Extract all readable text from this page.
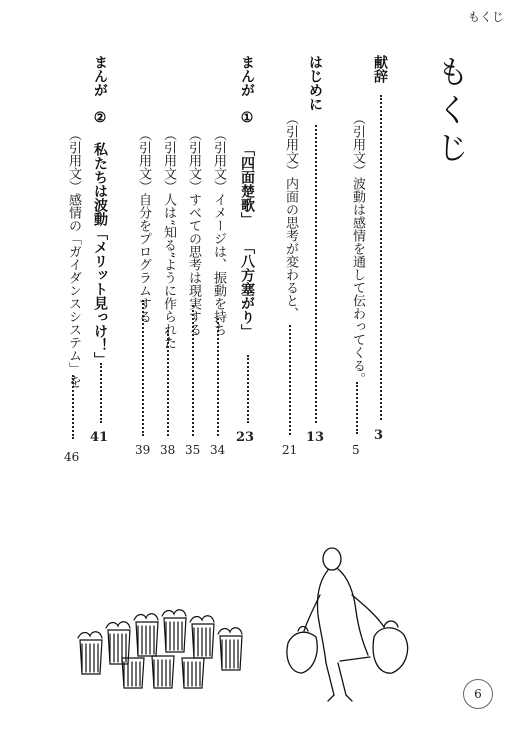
もくじ
もくじ
献辞
3
（引用文）波動は感情を通して伝わってくる。
5
はじめに
13
（引用文）内面の思考が変わると、
21
まんが
①
「四面楚歌」
「八方塞がり」
23
（引用文）イメージは、振動を持ち
34
（引用文）すべての思考は現実する
35
（引用文）人は“知る”ように作られた
38
（引用文）自分をプログラムする
39
まんが
②
私たちは波動「メリット見っけ！」
41
（引用文）感情の「ガイダンスシステム」を
46
6
